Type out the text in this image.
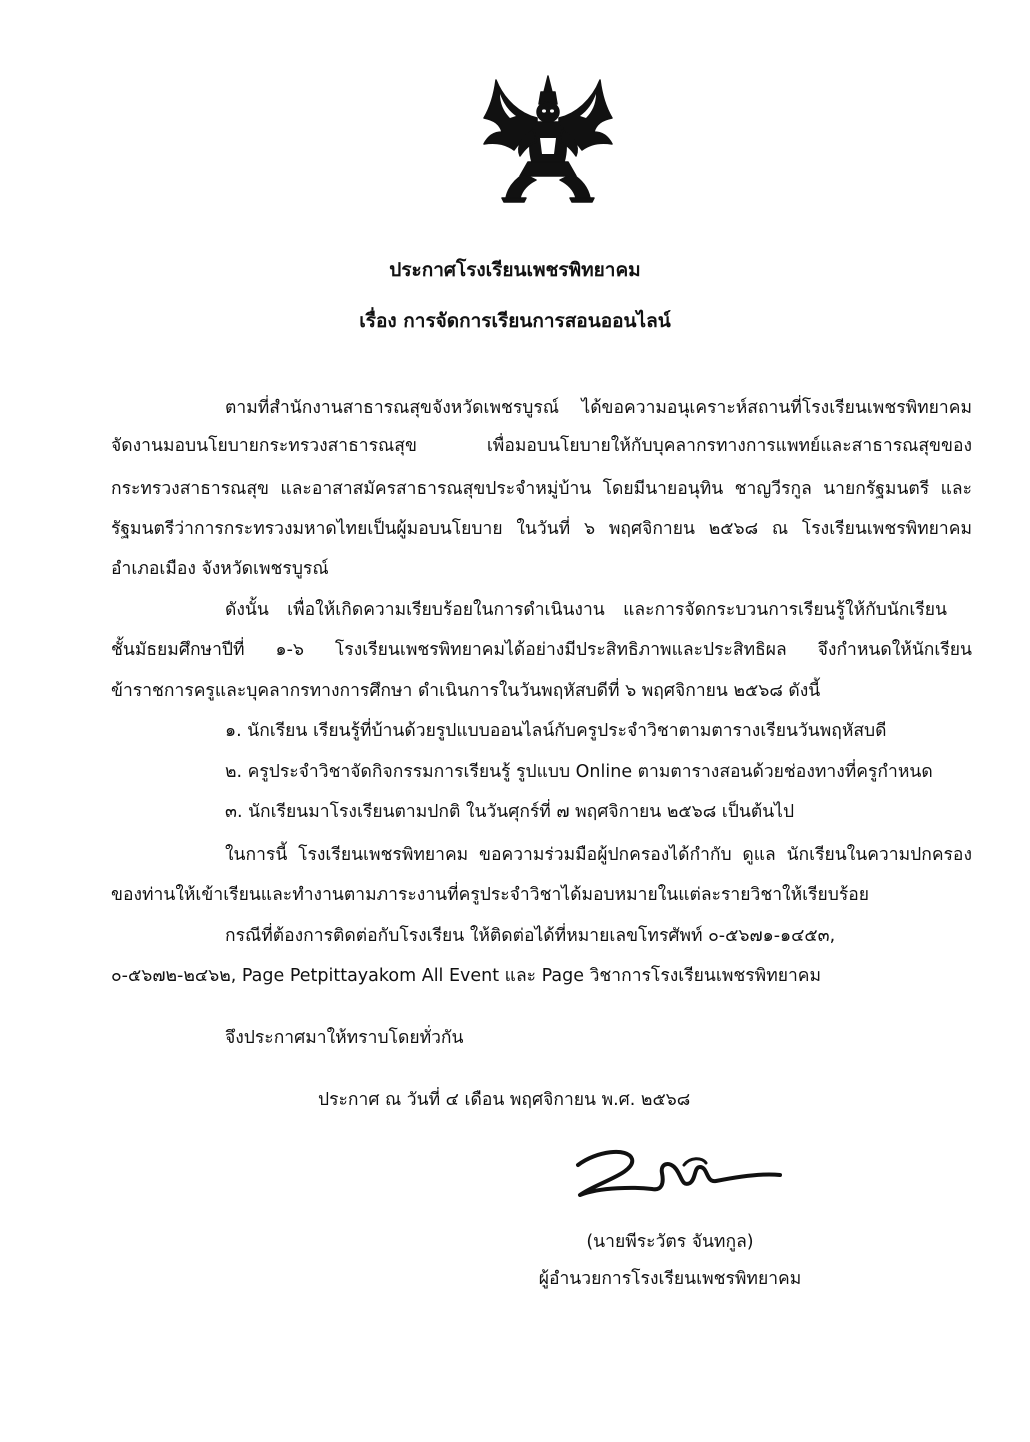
ประกาศโรงเรียนเพชรพิทยาคม
เรื่อง การจัดการเรียนการสอนออนไลน์
ตามที่สำนักงานสาธารณสุขจังหวัดเพชรบูรณ์ ได้ขอความอนุเคราะห์สถานที่โรงเรียนเพชรพิทยาคม
จัดงานมอบนโยบายกระทรวงสาธารณสุข เพื่อมอบนโยบายให้กับบุคลากรทางการแพทย์และสาธารณสุขของ
กระทรวงสาธารณสุข และอาสาสมัครสาธารณสุขประจำหมู่บ้าน โดยมีนายอนุทิน ชาญวีรกูล นายกรัฐมนตรี และ
รัฐมนตรีว่าการกระทรวงมหาดไทยเป็นผู้มอบนโยบาย ในวันที่ ๖ พฤศจิกายน ๒๕๖๘ ณ โรงเรียนเพชรพิทยาคม
อำเภอเมือง จังหวัดเพชรบูรณ์
ดังนั้น เพื่อให้เกิดความเรียบร้อยในการดำเนินงาน และการจัดกระบวนการเรียนรู้ให้กับนักเรียน
ชั้นมัธยมศึกษาปีที่ ๑-๖ โรงเรียนเพชรพิทยาคมได้อย่างมีประสิทธิภาพและประสิทธิผล จึงกำหนดให้นักเรียน
ข้าราชการครูและบุคลากรทางการศึกษา ดำเนินการในวันพฤหัสบดีที่ ๖ พฤศจิกายน ๒๕๖๘ ดังนี้
๑. นักเรียน เรียนรู้ที่บ้านด้วยรูปแบบออนไลน์กับครูประจำวิชาตามตารางเรียนวันพฤหัสบดี
๒. ครูประจำวิชาจัดกิจกรรมการเรียนรู้ รูปแบบ Online ตามตารางสอนด้วยช่องทางที่ครูกำหนด
๓. นักเรียนมาโรงเรียนตามปกติ ในวันศุกร์ที่ ๗ พฤศจิกายน ๒๕๖๘ เป็นต้นไป
ในการนี้ โรงเรียนเพชรพิทยาคม ขอความร่วมมือผู้ปกครองได้กำกับ ดูแล นักเรียนในความปกครอง
ของท่านให้เข้าเรียนและทำงานตามภาระงานที่ครูประจำวิชาได้มอบหมายในแต่ละรายวิชาให้เรียบร้อย
กรณีที่ต้องการติดต่อกับโรงเรียน ให้ติดต่อได้ที่หมายเลขโทรศัพท์ ๐-๕๖๗๑-๑๔๕๓,
๐-๕๖๗๒-๒๔๖๒, Page Petpittayakom All Event และ Page วิชาการโรงเรียนเพชรพิทยาคม
จึงประกาศมาให้ทราบโดยทั่วกัน
ประกาศ ณ วันที่ ๔ เดือน พฤศจิกายน พ.ศ. ๒๕๖๘
(นายพีระวัตร จันทกูล)
ผู้อำนวยการโรงเรียนเพชรพิทยาคม
